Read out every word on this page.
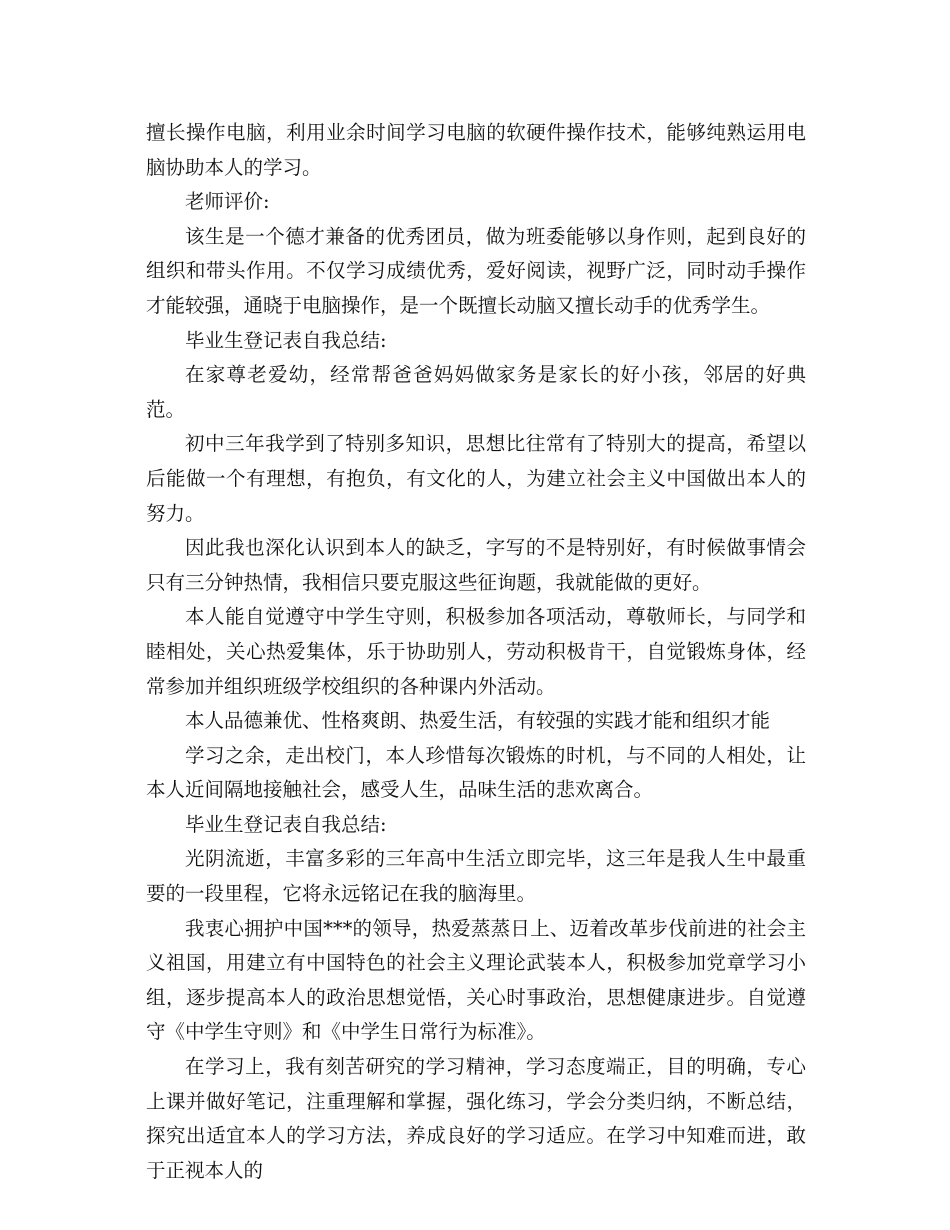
擅长操作电脑，利用业余时间学习电脑的软硬件操作技术，能够纯熟运用电脑协助本人的学习。

老师评价:

该生是一个德才兼备的优秀团员，做为班委能够以身作则，起到良好的组织和带头作用。不仅学习成绩优秀，爱好阅读，视野广泛，同时动手操作才能较强，通晓于电脑操作，是一个既擅长动脑又擅长动手的优秀学生。

毕业生登记表自我总结:

在家尊老爱幼，经常帮爸爸妈妈做家务是家长的好小孩，邻居的好典范。

初中三年我学到了特别多知识，思想比往常有了特别大的提高，希望以后能做一个有理想，有抱负，有文化的人，为建立社会主义中国做出本人的努力。

因此我也深化认识到本人的缺乏，字写的不是特别好，有时候做事情会只有三分钟热情，我相信只要克服这些征询题，我就能做的更好。

本人能自觉遵守中学生守则，积极参加各项活动，尊敬师长，与同学和睦相处，关心热爱集体，乐于协助别人，劳动积极肯干，自觉锻炼身体，经常参加并组织班级学校组织的各种课内外活动。

本人品德兼优、性格爽朗、热爱生活，有较强的实践才能和组织才能

学习之余，走出校门，本人珍惜每次锻炼的时机，与不同的人相处，让本人近间隔地接触社会，感受人生，品味生活的悲欢离合。

毕业生登记表自我总结:

光阴流逝，丰富多彩的三年高中生活立即完毕，这三年是我人生中最重要的一段里程，它将永远铭记在我的脑海里。

我衷心拥护中国***的领导，热爱蒸蒸日上、迈着改革步伐前进的社会主义祖国，用建立有中国特色的社会主义理论武装本人，积极参加党章学习小组，逐步提高本人的政治思想觉悟，关心时事政治，思想健康进步。自觉遵守《中学生守则》和《中学生日常行为标准》。

在学习上，我有刻苦研究的学习精神，学习态度端正，目的明确，专心上课并做好笔记，注重理解和掌握，强化练习，学会分类归纳，不断总结，探究出适宜本人的学习方法，养成良好的学习适应。在学习中知难而进，敢于正视本人的
